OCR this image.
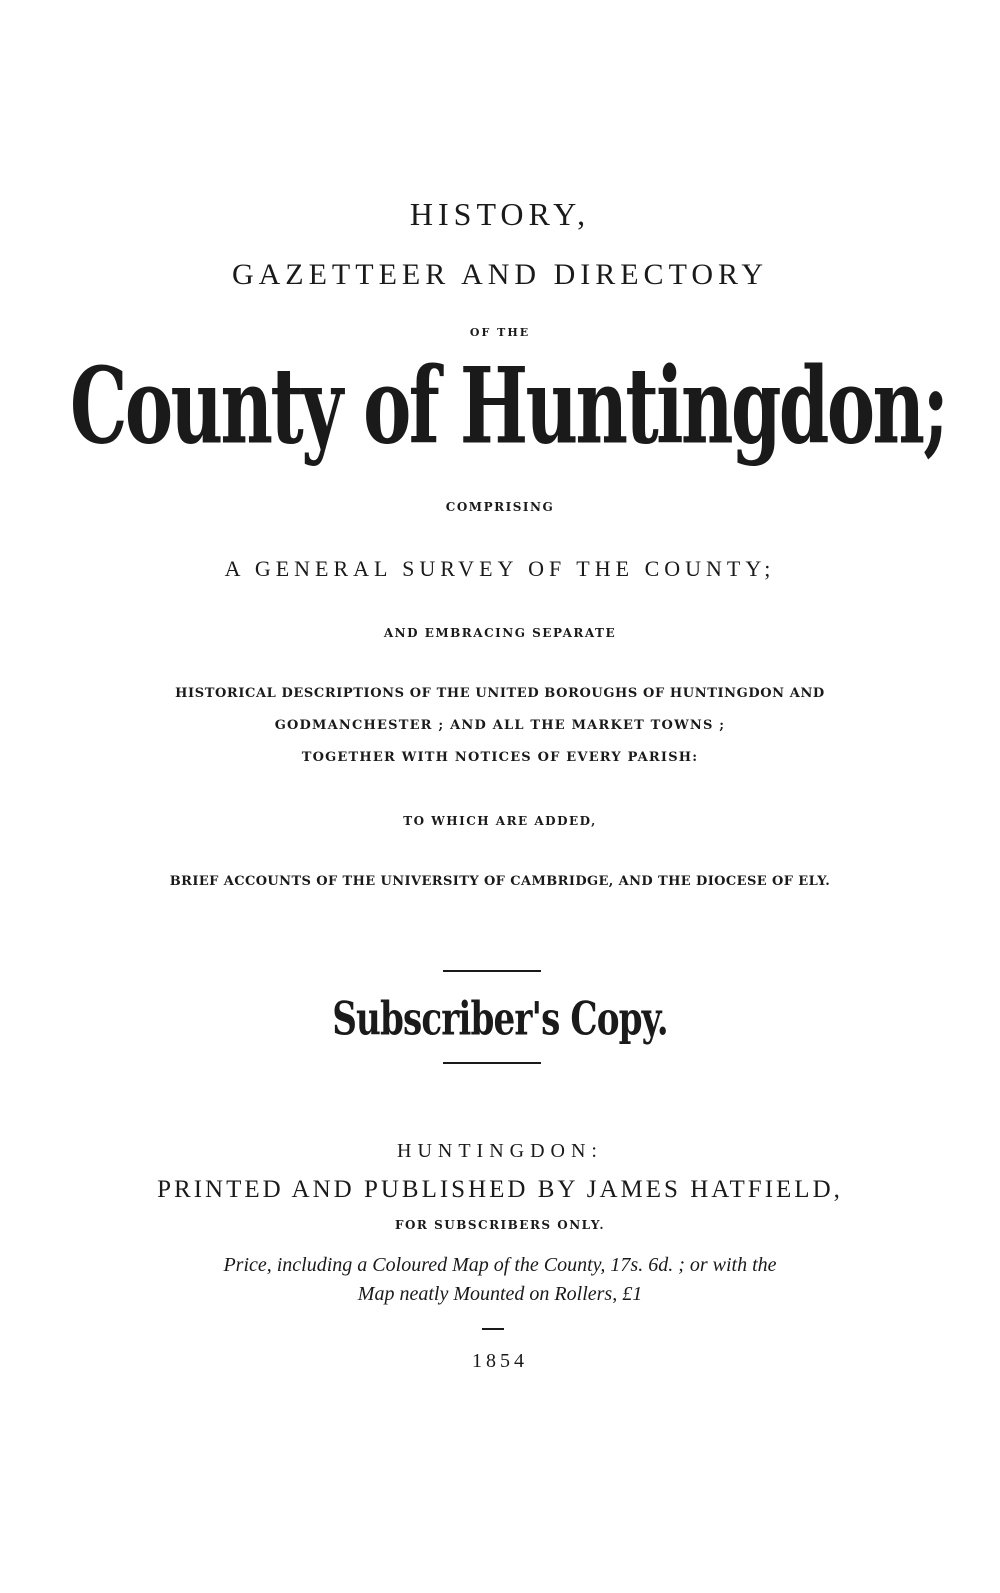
HISTORY,
GAZETTEER AND DIRECTORY
OF THE
County of Huntingdon;
COMPRISING
A GENERAL SURVEY OF THE COUNTY;
AND EMBRACING SEPARATE
HISTORICAL DESCRIPTIONS OF THE UNITED BOROUGHS OF HUNTINGDON AND
GODMANCHESTER ; AND ALL THE MARKET TOWNS ;
TOGETHER WITH NOTICES OF EVERY PARISH:
TO WHICH ARE ADDED,
BRIEF ACCOUNTS OF THE UNIVERSITY OF CAMBRIDGE, AND THE DIOCESE OF ELY.
Subscriber's Copy.
HUNTINGDON:
PRINTED AND PUBLISHED BY JAMES HATFIELD,
FOR SUBSCRIBERS ONLY.
Price, including a Coloured Map of the County, 17s. 6d. ; or with the
Map neatly Mounted on Rollers, £1
1854
